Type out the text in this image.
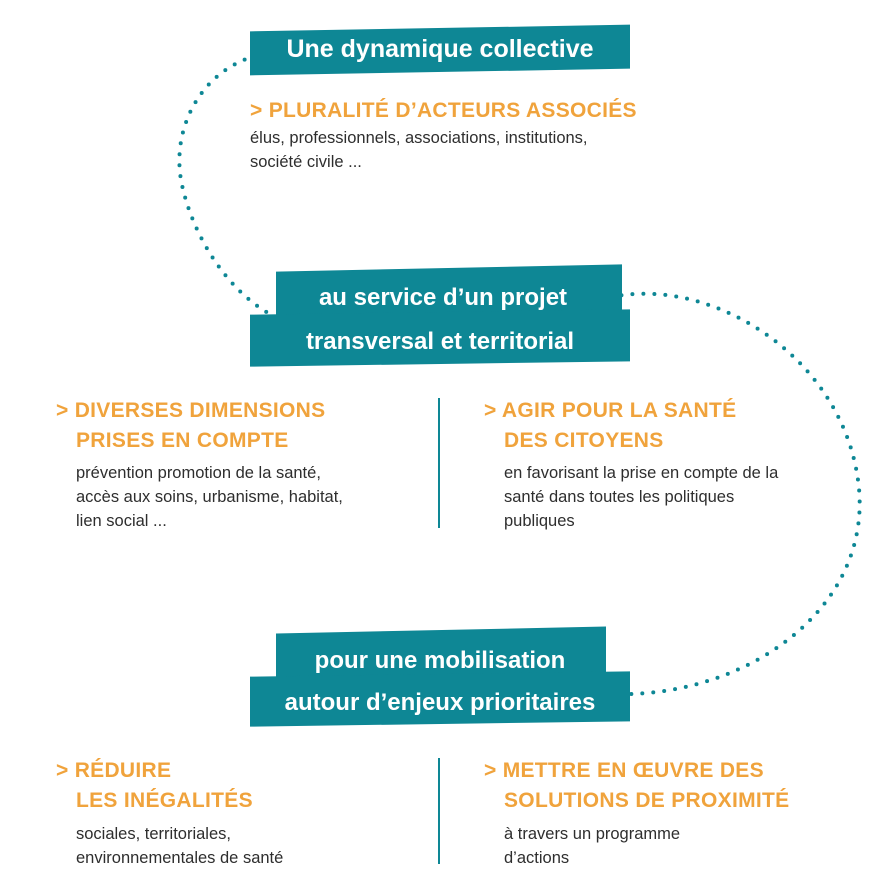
Une dynamique collective
> PLURALITÉ D’ACTEURS ASSOCIÉS
élus, professionnels, associations, institutions,
société civile ...
au service d’un projet
transversal et territorial
> DIVERSES DIMENSIONS
PRISES EN COMPTE
prévention promotion de la santé,
accès aux soins, urbanisme, habitat,
lien social ...
> AGIR POUR LA SANTÉ
DES CITOYENS
en favorisant la prise en compte de la
santé dans toutes les politiques
publiques
pour une mobilisation
autour d’enjeux prioritaires
> RÉDUIRE
LES INÉGALITÉS
sociales, territoriales,
environnementales de santé
> METTRE EN ŒUVRE DES
SOLUTIONS DE PROXIMITÉ
à travers un programme
d’actions
